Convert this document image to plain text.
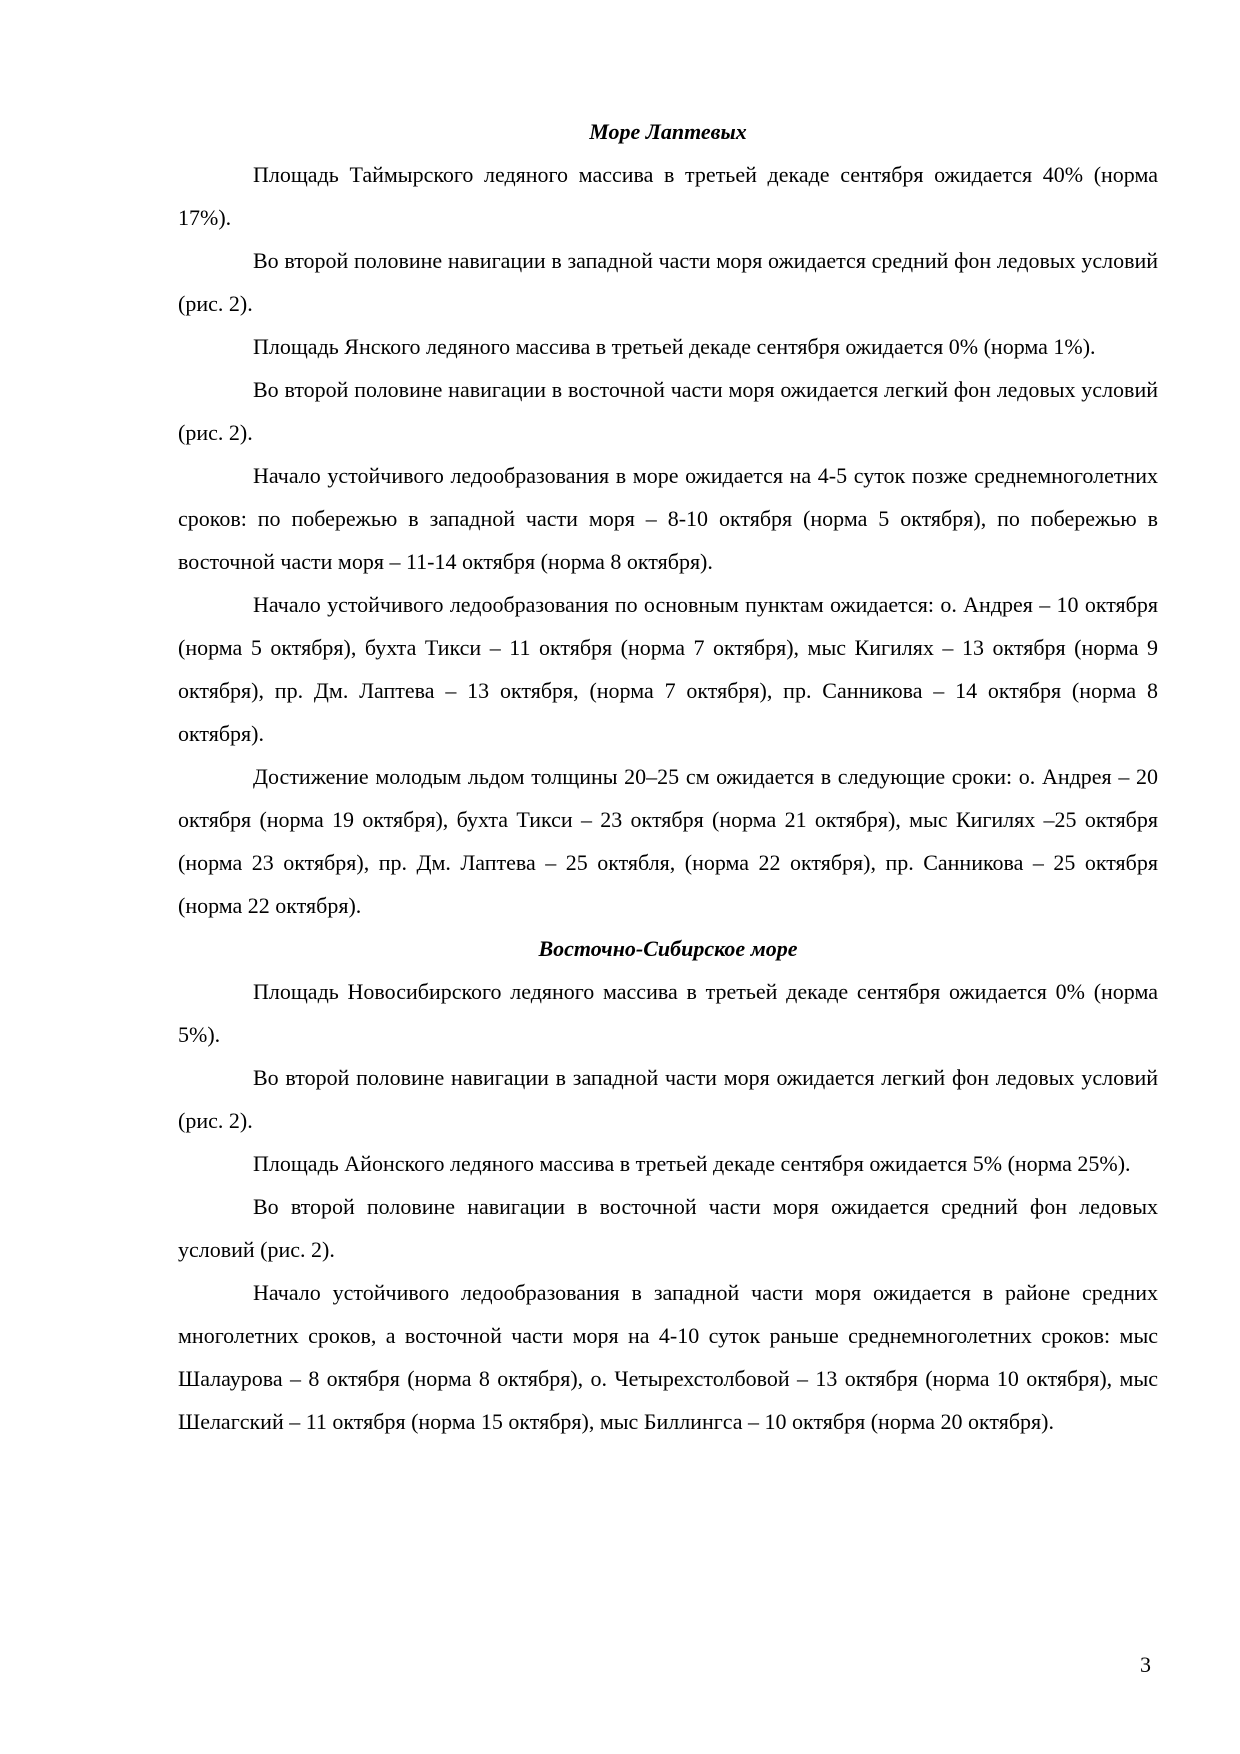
Море Лаптевых

Площадь Таймырского ледяного массива в третьей декаде сентября ожидается 40% (норма 17%).

Во второй половине навигации в западной части моря ожидается средний фон ледовых условий (рис. 2).

Площадь Янского ледяного массива в третьей декаде сентября ожидается 0% (норма 1%).

Во второй половине навигации в восточной части моря ожидается легкий фон ледовых условий (рис. 2).

Начало устойчивого ледообразования в море ожидается на 4-5 суток позже среднемноголетних сроков: по побережью в западной части моря – 8-10 октября (норма 5 октября), по побережью в восточной части моря – 11-14 октября (норма 8 октября).

Начало устойчивого ледообразования по основным пунктам ожидается: о. Андрея – 10 октября (норма 5 октября), бухта Тикси – 11 октября (норма 7 октября), мыс Кигилях – 13 октября (норма 9 октября), пр. Дм. Лаптева – 13 октября, (норма 7 октября), пр. Санникова – 14 октября (норма 8 октября).

Достижение молодым льдом толщины 20–25 см ожидается в следующие сроки: о. Андрея – 20 октября (норма 19 октября), бухта Тикси – 23 октября (норма 21 октября), мыс Кигилях –25 октября (норма 23 октября), пр. Дм. Лаптева – 25 октябля, (норма 22 октября), пр. Санникова – 25 октября (норма 22 октября).

Восточно-Сибирское море

Площадь Новосибирского ледяного массива в третьей декаде сентября ожидается 0% (норма 5%).

Во второй половине навигации в западной части моря ожидается легкий фон ледовых условий (рис. 2).

Площадь Айонского ледяного массива в третьей декаде сентября ожидается 5% (норма 25%).

Во второй половине навигации в восточной части моря ожидается средний фон ледовых условий (рис. 2).

Начало устойчивого ледообразования в западной части моря ожидается в районе средних многолетних сроков, а восточной части моря на 4-10 суток раньше среднемноголетних сроков: мыс Шалаурова – 8 октября (норма 8 октября), о. Четырехстолбовой – 13 октября (норма 10 октября), мыс Шелагский – 11 октября (норма 15 октября), мыс Биллингса – 10 октября (норма 20 октября).

3
